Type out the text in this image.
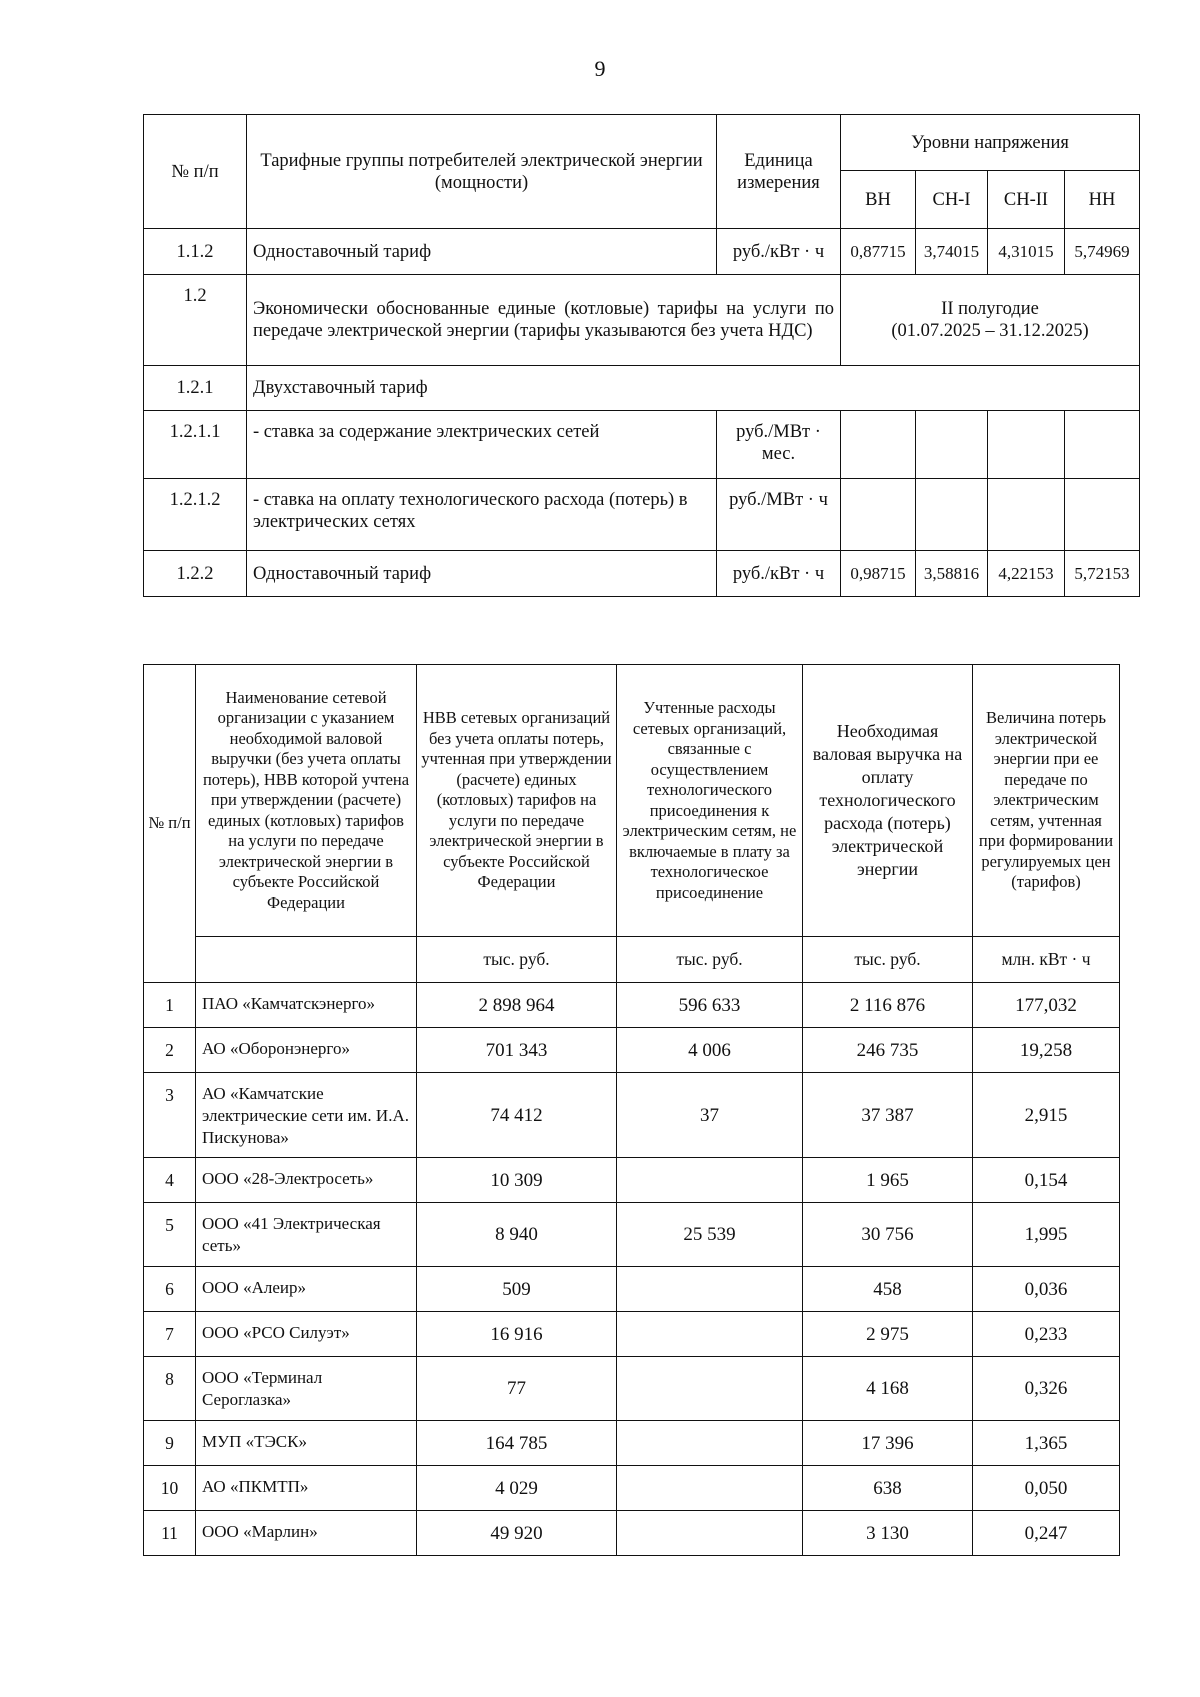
9
№ п/п	Тарифные группы потребителей электрической энергии (мощности)	Единица измерения	Уровни напряжения			
			ВН	СН-I	СН-II	НН
1.1.2	Одноставочный тариф	руб./кВт · ч	0,87715	3,74015	4,31015	5,74969
1.2	Экономически обоснованные единые (котловые) тарифы на услуги по передаче электрической энергии (тарифы указываются без учета НДС)		II полугодие
(01.07.2025 – 31.12.2025)			

1.2.1	Двухставочный тариф					
1.2.1.1	- ставка за содержание электрических сетей	руб./МВт · мес.				
1.2.1.2	- ставка на оплату технологического расхода (потерь) в электрических сетях	руб./МВт · ч				
1.2.2	Одноставочный тариф	руб./кВт · ч	0,98715	3,58816	4,22153	5,72153
№ п/п	Наименование сетевой организации с указанием необходимой валовой выручки (без учета оплаты потерь), НВВ которой учтена при утверждении (расчете) единых (котловых) тарифов на услуги по передаче электрической энергии в субъекте Российской Федерации	НВВ сетевых организаций без учета оплаты потерь, учтенная при утверждении (расчете) единых (котловых) тарифов на услуги по передаче электрической энергии в субъекте Российской Федерации	Учтенные расходы сетевых организаций, связанные с осуществлением технологического присоединения к электрическим сетям, не включаемые в плату за технологическое присоединение	Необходимая валовая выручка на оплату технологического расхода (потерь) электрической энергии	Величина потерь электрической энергии при ее передаче по электрическим сетям, учтенная при формировании регулируемых цен (тарифов)
		тыс. руб.	тыс. руб.	тыс. руб.	млн. кВт · ч
1	ПАО «Камчатскэнерго»	2 898 964	596 633	2 116 876	177,032
2	АО «Оборонэнерго»	701 343	4 006	246 735	19,258
3	АО «Камчатские электрические сети им. И.А. Пискунова»	74 412	37	37 387	2,915
4	ООО «28-Электросеть»	10 309		1 965	0,154
5	ООО «41 Электрическая сеть»	8 940	25 539	30 756	1,995
6	ООО «Алеир»	509		458	0,036
7	ООО «РСО Силуэт»	16 916		2 975	0,233
8	ООО «Терминал Сероглазка»	77		4 168	0,326
9	МУП «ТЭСК»	164 785		17 396	1,365
10	АО «ПКМТП»	4 029		638	0,050
11	ООО «Марлин»	49 920		3 130	0,247
